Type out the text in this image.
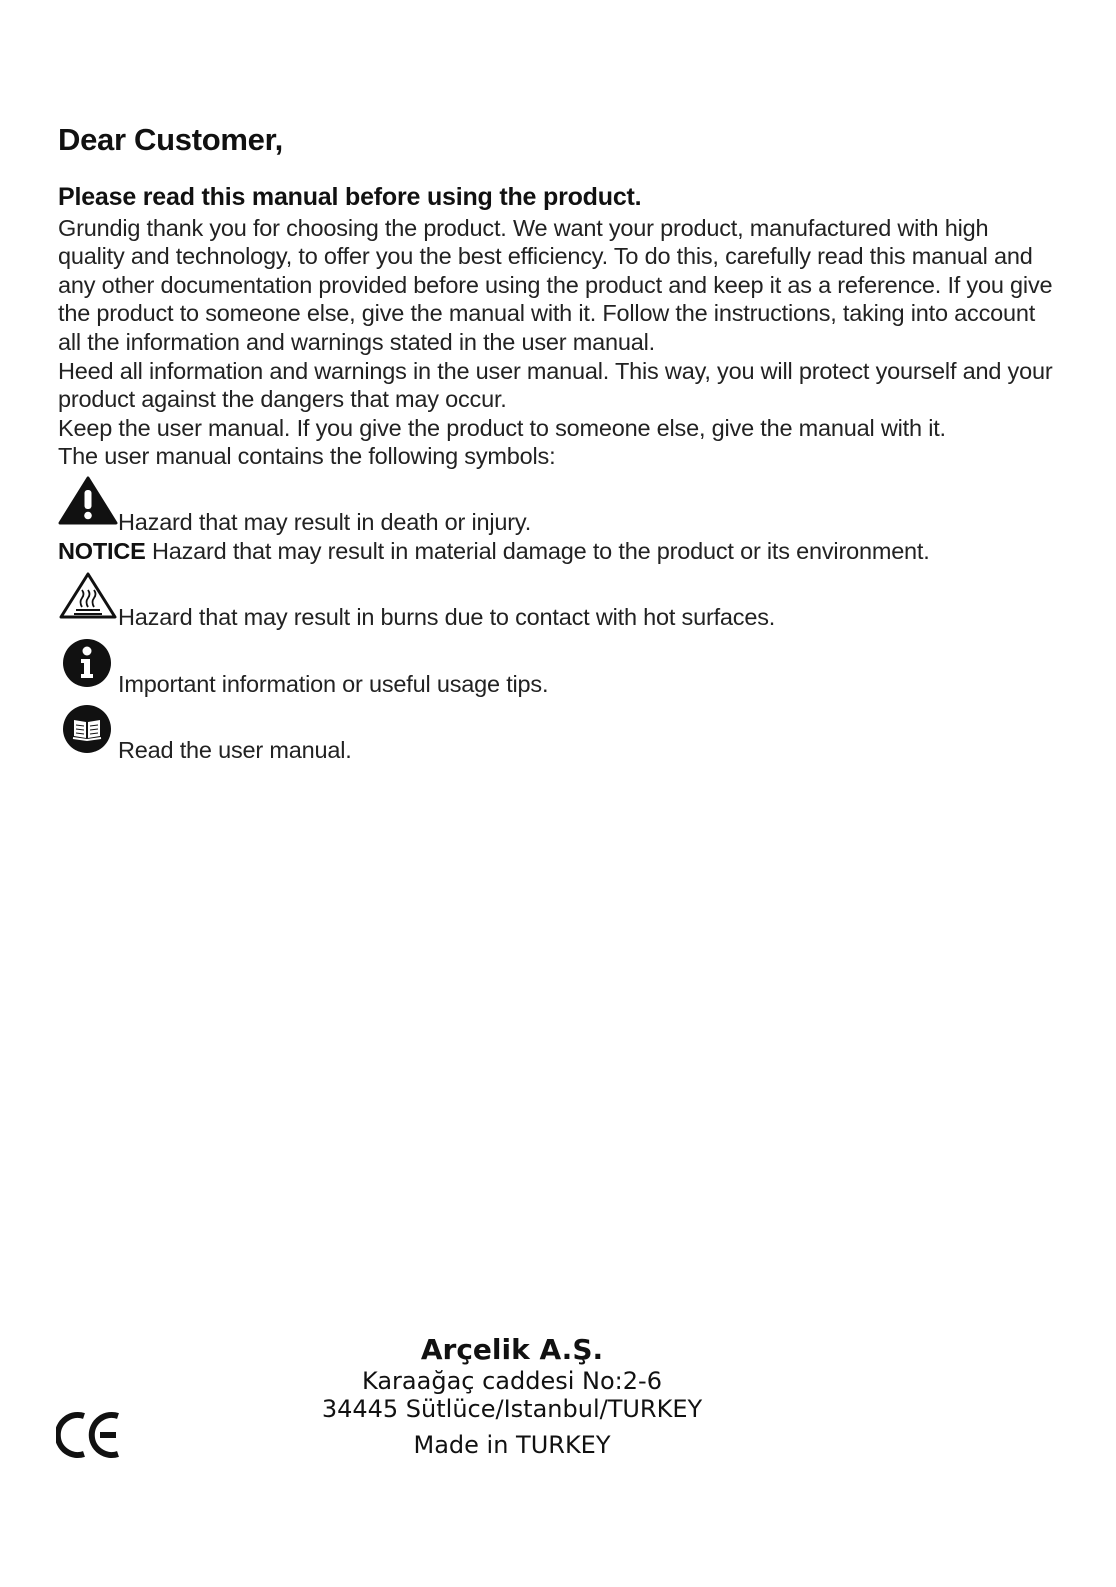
Dear Customer,
Please read this manual before using the product.

Grundig thank you for choosing the product. We want your product, manufactured with high quality and technology, to offer you the best efficiency. To do this, carefully read this manual and any other documentation provided before using the product and keep it as a reference. If you give the product to someone else, give the manual with it. Follow the instructions, taking into account all the information and warnings stated in the user manual.

Heed all information and warnings in the user manual. This way, you will protect yourself and your product against the dangers that may occur.

Keep the user manual. If you give the product to someone else, give the manual with it.

The user manual contains the following symbols:

Hazard that may result in death or injury.
NOTICE Hazard that may result in material damage to the product or its environment.
Hazard that may result in burns due to contact with hot surfaces.
Important information or useful usage tips.
Read the user manual.
Arçelik A.Ş.
Karaağaç caddesi No:2-6
34445 Sütlüce/Istanbul/TURKEY
Made in TURKEY
